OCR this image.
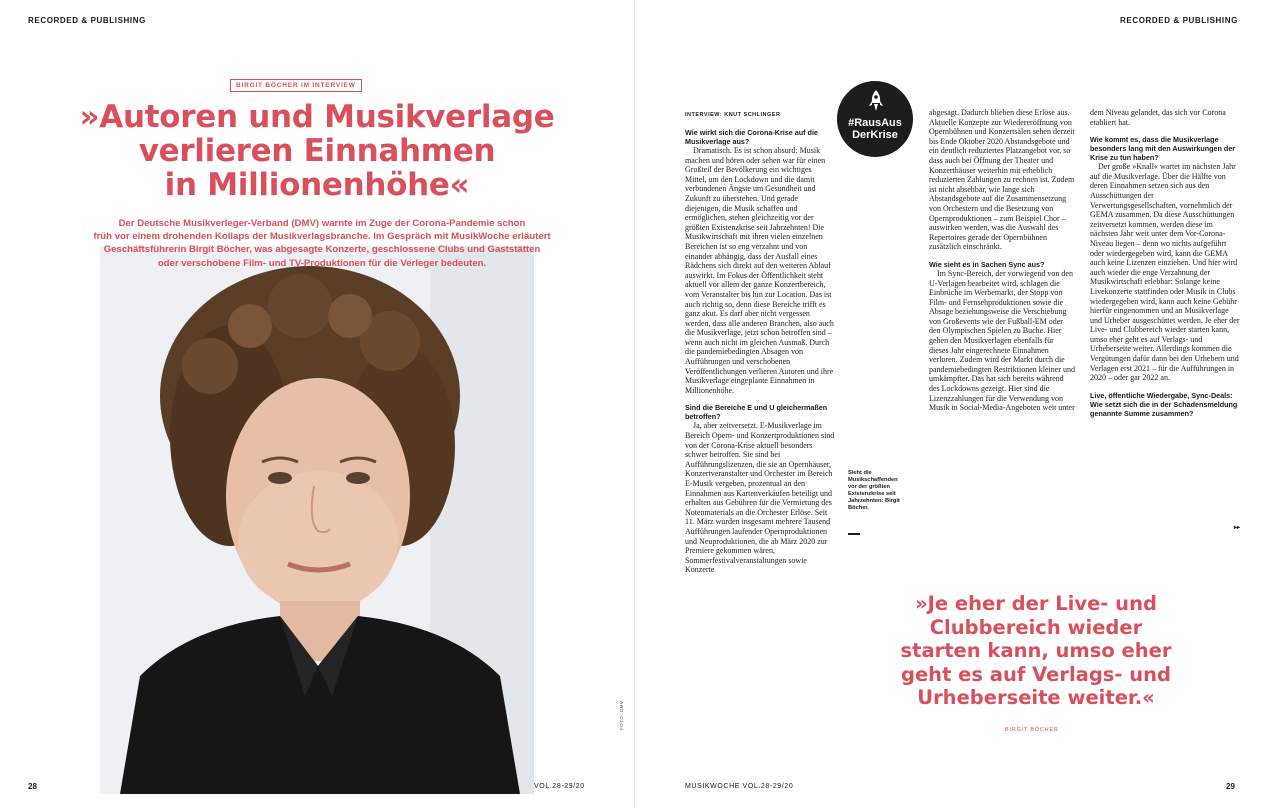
RECORDED & PUBLISHING
BIRGIT BÖCHER IM INTERVIEW
»Autoren und Musikverlage
verlieren Einnahmen
in Millionenhöhe«
Der Deutsche Musikverleger-Verband (DMV) warnte im Zuge der Corona-Pandemie schon
früh vor einem drohenden Kollaps der Musikverlagsbranche. Im Gespräch mit MusikWoche erläutert
Geschäftsführerin Birgit Böcher, was abgesagte Konzerte, geschlossene Clubs und Gaststätten
oder verschobene Film- und TV-Produktionen für die Verleger bedeuten.
28	VOL.28-29/20
FOTO: DMV
RECORDED & PUBLISHING
INTERVIEW: KNUT SCHLINGER

Wie wirkt sich die Corona-Krise auf die Musikverlage aus?

Dramatisch. Es ist schon absurd: Musik machen und hören oder sehen war für einen Großteil der Bevölkerung ein wichtiges Mittel, um den Lockdown und die damit verbundenen Ängste um Gesundheit und Zukunft zu überstehen. Und gerade diejenigen, die Musik schaffen und ermöglichen, stehen gleichzeitig vor der größten Existenzkrise seit Jahrzehnten! Die Musikwirtschaft mit ihren vielen einzelnen Bereichen ist so eng verzahnt und von einander abhängig, dass der Ausfall eines Rädchens sich direkt auf den weiteren Ablauf auswirkt. Im Fokus der Öffentlichkeit steht aktuell vor allem der ganze Konzertbereich, vom Veranstalter bis hin zur Location. Das ist auch richtig so, denn diese Bereiche trifft es ganz akut. Es darf aber nicht vergessen werden, dass alle anderen Branchen, also auch die Musikverlage, jetzt schon betroffen sind – wenn auch nicht im gleichen Ausmaß. Durch die pandemiebedingten Absagen von Aufführungen und verschobenen Veröffentlichungen verlieren Autoren und ihre Musikverlage eingeplante Einnahmen in Millionenhöhe.

Sind die Bereiche E und U gleichermaßen betroffen?

Ja, aber zeitversetzt. E-Musikverlage im Bereich Opern- und Konzertproduktionen sind von der Corona-Krise aktuell besonders schwer betroffen. Sie sind bei Aufführungslizenzen, die sie an Opernhäuser, Konzertveranstalter und Orchester im Bereich E-Musik vergeben, prozentual an den Einnahmen aus Kartenverkäufen beteiligt und erhalten aus Gebühren für die Vermietung des Notenmaterials an die Orchester Erlöse. Seit 11. März wurden insgesamt mehrere Tausend Aufführungen laufender Opernproduktionen und Neuproduktionen, die ab März 2020 zur Premiere gekommen wären, Sommerfestivalveranstaltungen sowie Konzerte

abgesagt. Dadurch blieben diese Erlöse aus. Aktuelle Konzepte zur Wiedereröffnung von Opernbühnen und Konzertsälen sehen derzeit bis Ende Oktober 2020 Abstandsgebote und ein deutlich reduziertes Platzangebot vor, so dass auch bei Öffnung der Theater und Konzerthäuser weiterhin mit erheblich reduzierten Zahlungen zu rechnen ist. Zudem ist nicht absehbar, wie lange sich Abstandsgebote auf die Zusammensetzung von Orchestern und die Besetzung von Opernproduktionen – zum Beispiel Chor – auswirken werden, was die Auswahl des Repertoires gerade der Opernbühnen zusätzlich einschränkt.

Wie sieht es in Sachen Sync aus?

Im Sync-Bereich, der vorwiegend von den U-Verlagen bearbeitet wird, schlagen die Einbrüche im Werbemarkt, der Stopp von Film- und Fernsehproduktionen sowie die Absage beziehungsweise die Verschiebung von Großevents wie der Fußball-EM oder den Olympischen Spielen zu Buche. Hier gehen den Musikverlagen ebenfalls für dieses Jahr eingerechnete Einnahmen verloren. Zudem wird der Markt durch die pandemiebedingten Restriktionen kleiner und umkämpfter. Das hat sich bereits während des Lockdowns gezeigt. Hier sind die Lizenzzahlungen für die Verwendung von Musik in Social-Media-Angeboten weit unter

dem Niveau gelandet, das sich vor Corona etabliert hat.

Wie kommt es, dass die Musikverlage besonders lang mit den Auswirkungen der Krise zu tun haben?

Der große »Knall« wartet im nächsten Jahr auf die Musikverlage. Über die Hälfte von deren Einnahmen setzen sich aus den Ausschüttungen der Verwertungsgesellschaften, vornehmlich der GEMA zusammen. Da diese Ausschüttungen zeitversetzt kommen, werden diese im nächsten Jahr weit unter dem Vor-Corona-Niveau liegen – denn wo nichts aufgeführt oder wiedergegeben wird, kann die GEMA auch keine Lizenzen einziehen. Und hier wird auch wieder die enge Verzahnung der Musikwirtschaft erlebbar: Solange keine Livekonzerte stattfinden oder Musik in Clubs wiedergegeben wird, kann auch keine Gebühr hierfür eingenommen und an Musikverlage und Urheber ausgeschüttet werden. Je eher der Live- und Clubbereich wieder starten kann, umso eher geht es auf Verlags- und Urheberseite weiter. Allerdings kommen die Vergütungen dafür dann bei den Urhebern und Verlagen erst 2021 – für die Aufführungen in 2020 – oder gar 2022 an.

Live, öffentliche Wiedergabe, Sync-Deals: Wie setzt sich die in der Schadensmeldung genannte Summe zusammen?

#RausAus
DerKrise
Sieht die Musikschaffenden vor der größten Existenzkrise seit Jahrzehnten: Birgit Böcher.
▸▸
»Je eher der Live- und
Clubbereich wieder
starten kann, umso eher
geht es auf Verlags- und
Urheberseite weiter.«
BIRGIT BÖCHER
MUSIKWOCHE VOL.28-29/20	29
